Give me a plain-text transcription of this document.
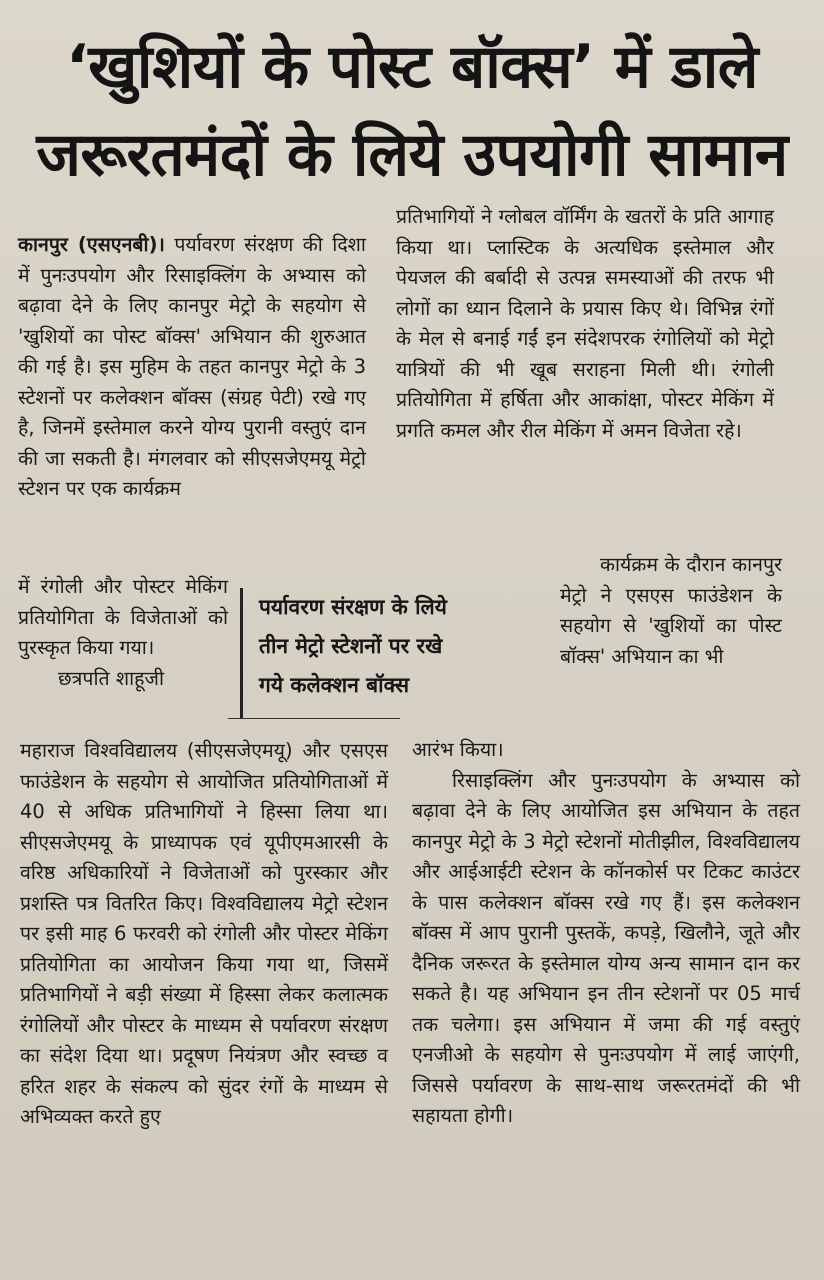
‘खुशियों के पोस्ट बॉक्स’ में डाले
जरूरतमंदों के लिये उपयोगी सामान

कानपुर (एसएनबी)। पर्यावरण संरक्षण की दिशा में पुनःउपयोग और रिसाइक्लिंग के अभ्यास को बढ़ावा देने के लिए कानपुर मेट्रो के सहयोग से 'खुशियों का पोस्ट बॉक्स' अभियान की शुरुआत की गई है। इस मुहिम के तहत कानपुर मेट्रो के 3 स्टेशनों पर कलेक्शन बॉक्स (संग्रह पेटी) रखे गए है, जिनमें इस्तेमाल करने योग्य पुरानी वस्तुएं दान की जा सकती है। मंगलवार को सीएसजेएमयू मेट्रो स्टेशन पर एक कार्यक्रम

प्रतिभागियों ने ग्लोबल वॉर्मिंग के खतरों के प्रति आगाह किया था। प्लास्टिक के अत्यधिक इस्तेमाल और पेयजल की बर्बादी से उत्पन्न समस्याओं की तरफ भी लोगों का ध्यान दिलाने के प्रयास किए थे। विभिन्न रंगों के मेल से बनाई गईं इन संदेशपरक रंगोलियों को मेट्रो यात्रियों की भी खूब सराहना मिली थी। रंगोली प्रतियोगिता में हर्षिता और आकांक्षा, पोस्टर मेकिंग में प्रगति कमल और रील मेकिंग में अमन विजेता रहे।

में रंगोली और पोस्टर मेकिंग प्रतियोगिता के विजेताओं को पुरस्कृत किया गया।

छत्रपति शाहूजी

पर्यावरण संरक्षण के लिये
तीन मेट्रो स्टेशनों पर रखे
गये कलेक्शन बॉक्स

कार्यक्रम के दौरान कानपुर मेट्रो ने एसएस फाउंडेशन के सहयोग से 'खुशियों का पोस्ट बॉक्स' अभियान का भी

महाराज विश्वविद्यालय (सीएसजेएमयू) और एसएस फाउंडेशन के सहयोग से आयोजित प्रतियोगिताओं में 40 से अधिक प्रतिभागियों ने हिस्सा लिया था। सीएसजेएमयू के प्राध्यापक एवं यूपीएमआरसी के वरिष्ठ अधिकारियों ने विजेताओं को पुरस्कार और प्रशस्ति पत्र वितरित किए। विश्वविद्यालय मेट्रो स्टेशन पर इसी माह 6 फरवरी को रंगोली और पोस्टर मेकिंग प्रतियोगिता का आयोजन किया गया था, जिसमें प्रतिभागियों ने बड़ी संख्या में हिस्सा लेकर कलात्मक रंगोलियों और पोस्टर के माध्यम से पर्यावरण संरक्षण का संदेश दिया था। प्रदूषण नियंत्रण और स्वच्छ व हरित शहर के संकल्प को सुंदर रंगों के माध्यम से अभिव्यक्त करते हुए

आरंभ किया।

रिसाइक्लिंग और पुनःउपयोग के अभ्यास को बढ़ावा देने के लिए आयोजित इस अभियान के तहत कानपुर मेट्रो के 3 मेट्रो स्टेशनों मोतीझील, विश्वविद्यालय और आईआईटी स्टेशन के कॉनकोर्स पर टिकट काउंटर के पास कलेक्शन बॉक्स रखे गए हैं। इस कलेक्शन बॉक्स में आप पुरानी पुस्तकें, कपड़े, खिलौने, जूते और दैनिक जरूरत के इस्तेमाल योग्य अन्य सामान दान कर सकते है। यह अभियान इन तीन स्टेशनों पर 05 मार्च तक चलेगा। इस अभियान में जमा की गई वस्तुएं एनजीओ के सहयोग से पुनःउपयोग में लाई जाएंगी, जिससे पर्यावरण के साथ-साथ जरूरतमंदों की भी सहायता होगी।
